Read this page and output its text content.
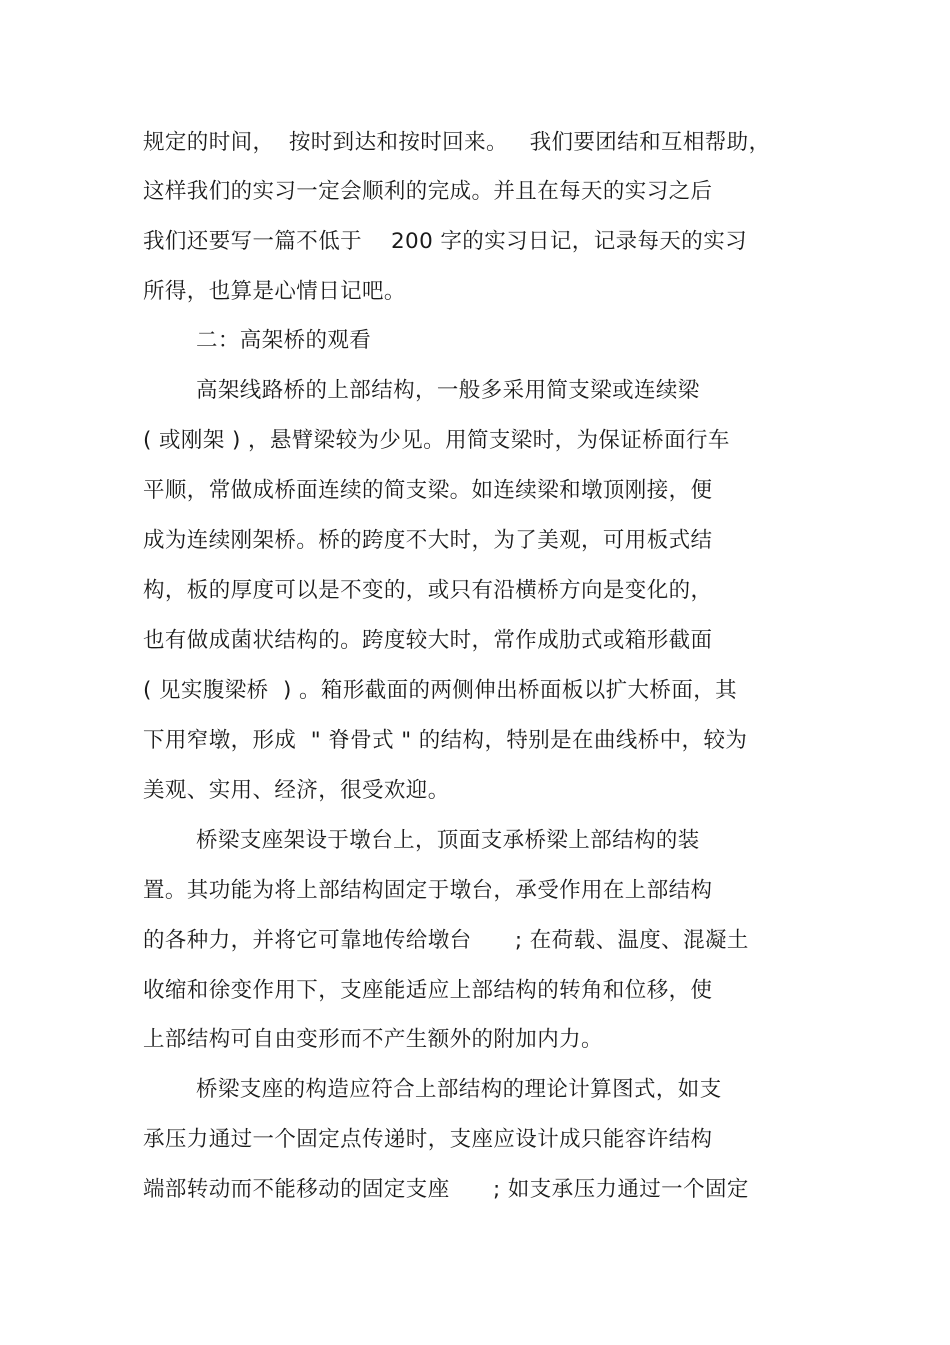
规定的时间，  按时到达和按时回来。   我们要团结和互相帮助，
这样我们的实习一定会顺利的完成。并且在每天的实习之后
我们还要写一篇不低于    200 字的实习日记，记录每天的实习
所得，也算是心情日记吧。
二：高架桥的观看
高架线路桥的上部结构，一般多采用简支梁或连续梁
( 或刚架 ) ，悬臂梁较为少见。用简支梁时，为保证桥面行车
平顺，常做成桥面连续的简支梁。如连续梁和墩顶刚接，便
成为连续刚架桥。桥的跨度不大时，为了美观，可用板式结
构，板的厚度可以是不变的，或只有沿横桥方向是变化的，
也有做成菌状结构的。跨度较大时，常作成肋式或箱形截面
( 见实腹梁桥  ) 。箱形截面的两侧伸出桥面板以扩大桥面，其
下用窄墩，形成  " 脊骨式 " 的结构，特别是在曲线桥中，较为
美观、实用、经济，很受欢迎。
桥梁支座架设于墩台上，顶面支承桥梁上部结构的装
置。其功能为将上部结构固定于墩台，承受作用在上部结构
的各种力，并将它可靠地传给墩台      ; 在荷载、温度、混凝土
收缩和徐变作用下，支座能适应上部结构的转角和位移，使
上部结构可自由变形而不产生额外的附加内力。
桥梁支座的构造应符合上部结构的理论计算图式，如支
承压力通过一个固定点传递时，支座应设计成只能容许结构
端部转动而不能移动的固定支座      ; 如支承压力通过一个固定
